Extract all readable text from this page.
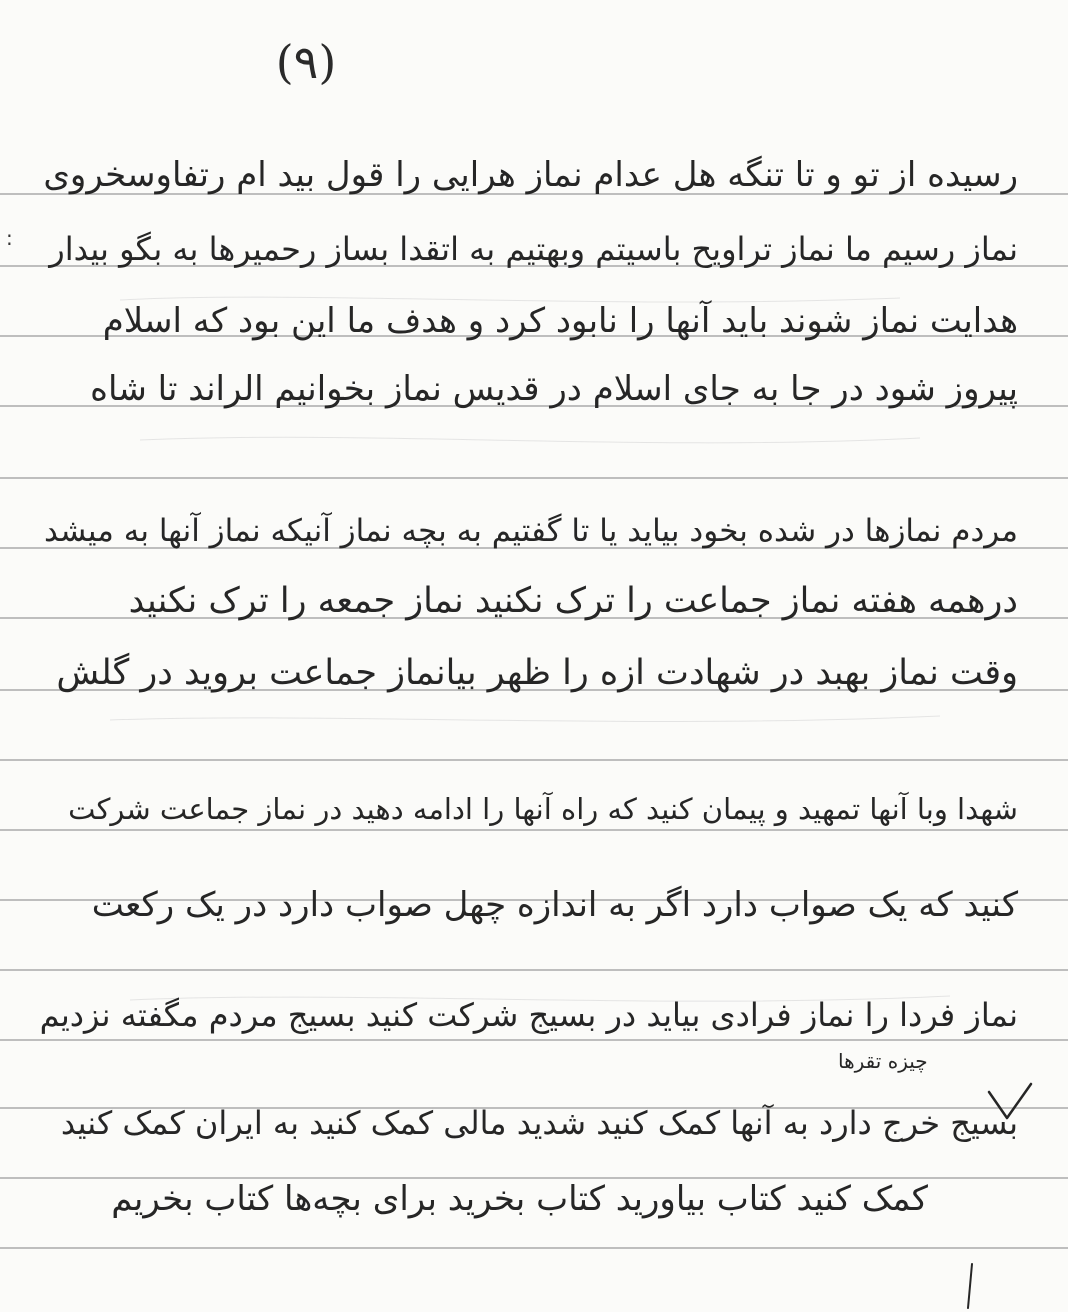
(۹)
:
رسیده از تو و تا تنگه هل عدام نماز هرایی را قول بید ام رتفاوسخروی
نماز رسیم ما نماز تراویح باسیتم وبهتیم به اتقدا بساز رحمیرها به بگو بیدار
هدایت نماز شوند باید آنها را نابود کرد و هدف ما این بود که اسلام
پیروز شود در جا به جای اسلام در قدیس نماز بخوانیم الراند تا شاه
مردم نمازها در شده بخود بیاید یا تا گفتیم به بچه نماز آنیکه نماز آنها به میشد
درهمه هفته نماز جماعت را ترک نکنید نماز جمعه را ترک نکنید
وقت نماز بهبد در شهادت ازه را ظهر بیانماز جماعت بروید در گلش
شهدا وبا آنها تمهید و پیمان کنید که راه آنها را ادامه دهید در نماز جماعت شرکت
کنید که یک صواب دارد اگر به اندازه چهل صواب دارد در یک رکعت
نماز فردا را نماز فرادی بیاید در بسیج شرکت کنید بسیج مردم مگفته نزدیم
بسیج خرج دارد به آنها کمک کنید شدید مالی کمک کنید به ایران کمک کنید
کمک کنید کتاب بیاورید کتاب بخرید برای بچه‌ها کتاب بخریم
چیزه تقرها
